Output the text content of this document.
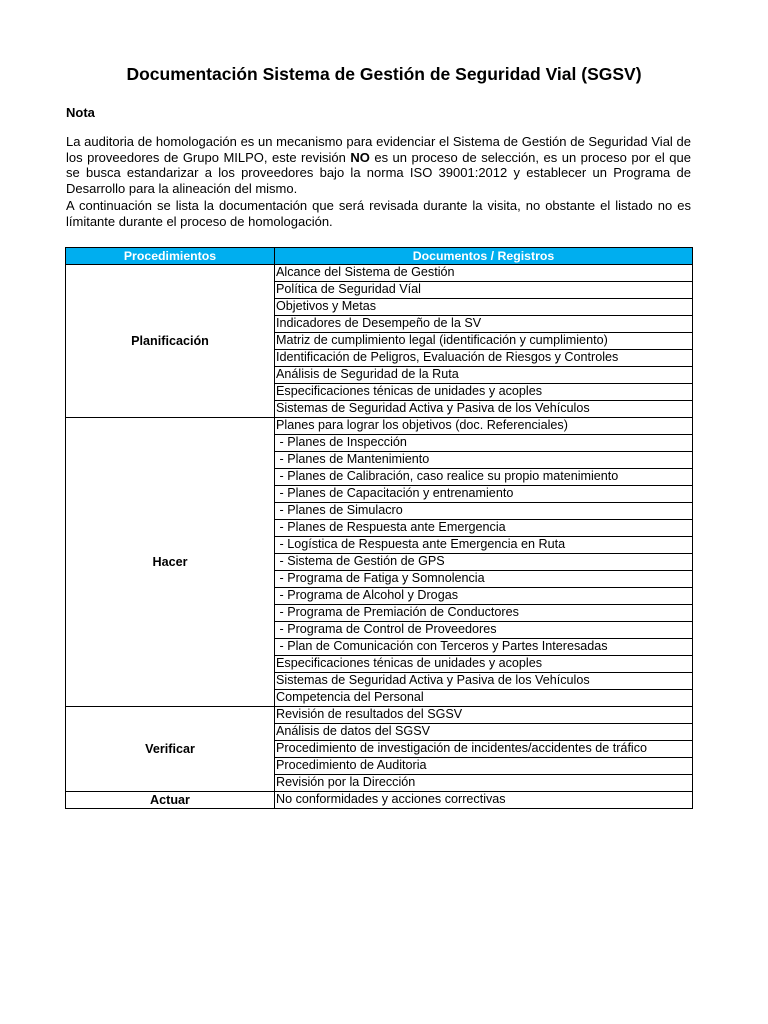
Documentación Sistema de Gestión de Seguridad Vial (SGSV)
Nota
La auditoria de homologación es un mecanismo para evidenciar el Sistema de Gestión de Seguridad Vial de los proveedores de Grupo MILPO, este revisión NO es un proceso de selección, es un proceso por el que se busca estandarizar a los proveedores bajo la norma ISO 39001:2012 y establecer un Programa de Desarrollo para la alineación del mismo.
A continuación se lista la documentación que será revisada durante la visita, no obstante el listado no es límitante durante el proceso de homologación.
Procedimientos	Documentos / Registros
Planificación	Alcance del Sistema de Gestión
	Política de Seguridad Víal
	Objetivos y Metas
	Indicadores de Desempeño de la SV
	Matriz de cumplimiento legal (identificación y cumplimiento)
	Identificación de Peligros, Evaluación de Riesgos y Controles
	Análisis de Seguridad de la Ruta
	Especificaciones ténicas de unidades y acoples
	Sistemas de Seguridad Activa y Pasiva de los Vehículos
Hacer	Planes para lograr los objetivos (doc. Referenciales)
	- Planes de Inspección
	- Planes de Mantenimiento
	- Planes de Calibración, caso realice su propio matenimiento
	- Planes de Capacitación y entrenamiento
	- Planes de Simulacro
	- Planes de Respuesta ante Emergencia
	- Logística de Respuesta ante Emergencia en Ruta
	- Sistema de Gestión de GPS
	- Programa de Fatiga y Somnolencia
	- Programa de Alcohol y Drogas
	- Programa de Premiación de Conductores
	- Programa de Control de Proveedores
	- Plan de Comunicación con Terceros y Partes Interesadas
	Especificaciones ténicas de unidades y acoples
	Sistemas de Seguridad Activa y Pasiva de los Vehículos
	Competencia del Personal
Verificar	Revisión de resultados del SGSV
	Análisis de datos del SGSV
	Procedimiento de investigación de incidentes/accidentes de tráfico
	Procedimiento de Auditoria
	Revisión por la Dirección
Actuar	No conformidades y acciones correctivas
